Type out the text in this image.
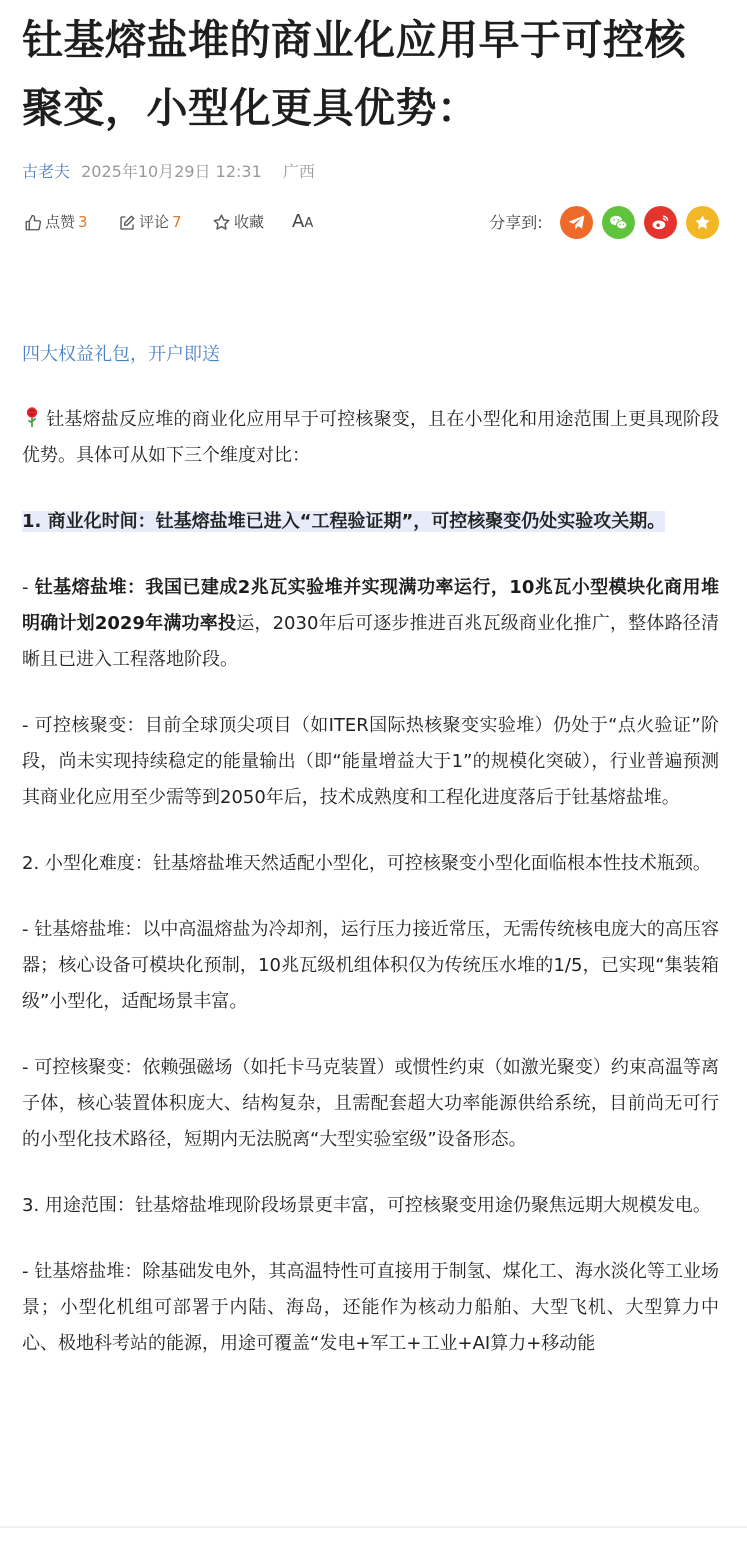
钍基熔盐堆的商业化应用早于可控核聚变，小型化更具优势：
古老夫 2025年10月29日 12:31 广西
点赞 3	评论 7	收藏 AA	分享到:

四大权益礼包，开户即送

钍基熔盐反应堆的商业化应用早于可控核聚变，且在小型化和用途范围上更具现阶段优势。具体可从如下三个维度对比：

1. 商业化时间：钍基熔盐堆已进入“工程验证期”，可控核聚变仍处实验攻关期。

- 钍基熔盐堆：我国已建成2兆瓦实验堆并实现满功率运行，10兆瓦小型模块化商用堆明确计划2029年满功率投运，2030年后可逐步推进百兆瓦级商业化推广，整体路径清晰且已进入工程落地阶段。

- 可控核聚变：目前全球顶尖项目（如ITER国际热核聚变实验堆）仍处于“点火验证”阶段，尚未实现持续稳定的能量输出（即“能量增益大于1”的规模化突破），行业普遍预测其商业化应用至少需等到2050年后，技术成熟度和工程化进度落后于钍基熔盐堆。

2. 小型化难度：钍基熔盐堆天然适配小型化，可控核聚变小型化面临根本性技术瓶颈。

- 钍基熔盐堆：以中高温熔盐为冷却剂，运行压力接近常压，无需传统核电庞大的高压容器；核心设备可模块化预制，10兆瓦级机组体积仅为传统压水堆的1/5，已实现“集装箱级”小型化，适配场景丰富。

- 可控核聚变：依赖强磁场（如托卡马克装置）或惯性约束（如激光聚变）约束高温等离子体，核心装置体积庞大、结构复杂，且需配套超大功率能源供给系统，目前尚无可行的小型化技术路径，短期内无法脱离“大型实验室级”设备形态。

3. 用途范围：钍基熔盐堆现阶段场景更丰富，可控核聚变用途仍聚焦远期大规模发电。

- 钍基熔盐堆：除基础发电外，其高温特性可直接用于制氢、煤化工、海水淡化等工业场景；小型化机组可部署于内陆、海岛，还能作为核动力船舶、大型飞机、大型算力中心、极地科考站的能源，用途可覆盖“发电+军工+工业+AI算力+移动能
